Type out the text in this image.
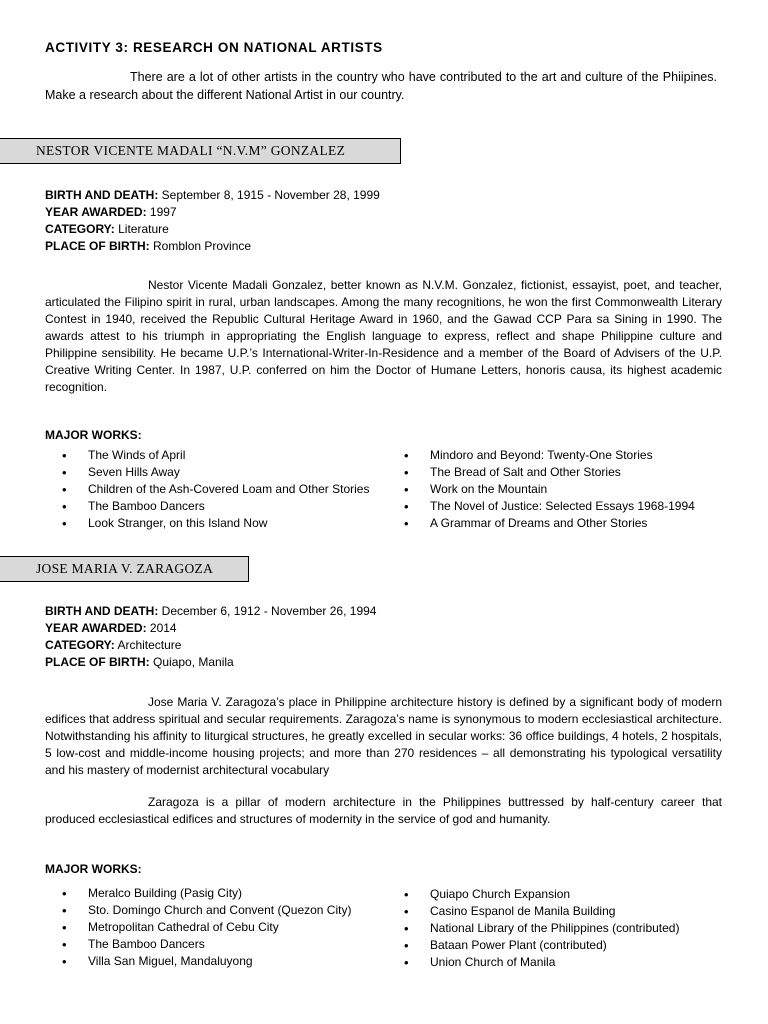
ACTIVITY 3: RESEARCH ON NATIONAL ARTISTS
There are a lot of other artists in the country who have contributed to the art and culture of the Phiipines. Make a research about the different National Artist in our country.
NESTOR VICENTE MADALI “N.V.M” GONZALEZ
BIRTH AND DEATH: September 8, 1915 - November 28, 1999
YEAR AWARDED: 1997
CATEGORY: Literature
PLACE OF BIRTH: Romblon Province
Nestor Vicente Madali Gonzalez, better known as N.V.M. Gonzalez, fictionist, essayist, poet, and teacher, articulated the Filipino spirit in rural, urban landscapes. Among the many recognitions, he won the first Commonwealth Literary Contest in 1940, received the Republic Cultural Heritage Award in 1960, and the Gawad CCP Para sa Sining in 1990. The awards attest to his triumph in appropriating the English language to express, reflect and shape Philippine culture and Philippine sensibility. He became U.P.’s International-Writer-In-Residence and a member of the Board of Advisers of the U.P. Creative Writing Center. In 1987, U.P. conferred on him the Doctor of Humane Letters, honoris causa, its highest academic recognition.
MAJOR WORKS:
• The Winds of April
• Seven Hills Away
• Children of the Ash-Covered Loam and Other Stories
• The Bamboo Dancers
• Look Stranger, on this Island Now
• Mindoro and Beyond: Twenty-One Stories
• The Bread of Salt and Other Stories
• Work on the Mountain
• The Novel of Justice: Selected Essays 1968-1994
• A Grammar of Dreams and Other Stories
JOSE MARIA V. ZARAGOZA
BIRTH AND DEATH: December 6, 1912 - November 26, 1994
YEAR AWARDED: 2014
CATEGORY: Architecture
PLACE OF BIRTH: Quiapo, Manila
Jose Maria V. Zaragoza’s place in Philippine architecture history is defined by a significant body of modern edifices that address spiritual and secular requirements. Zaragoza’s name is synonymous to modern ecclesiastical architecture. Notwithstanding his affinity to liturgical structures, he greatly excelled in secular works: 36 office buildings, 4 hotels, 2 hospitals, 5 low-cost and middle-income housing projects; and more than 270 residences – all demonstrating his typological versatility and his mastery of modernist architectural vocabulary
Zaragoza is a pillar of modern architecture in the Philippines buttressed by half-century career that produced ecclesiastical edifices and structures of modernity in the service of god and humanity.
MAJOR WORKS:
• Meralco Building (Pasig City)
• Sto. Domingo Church and Convent (Quezon City)
• Metropolitan Cathedral of Cebu City
• The Bamboo Dancers
• Villa San Miguel, Mandaluyong
• Quiapo Church Expansion
• Casino Espanol de Manila Building
• National Library of the Philippines (contributed)
• Bataan Power Plant (contributed)
• Union Church of Manila
